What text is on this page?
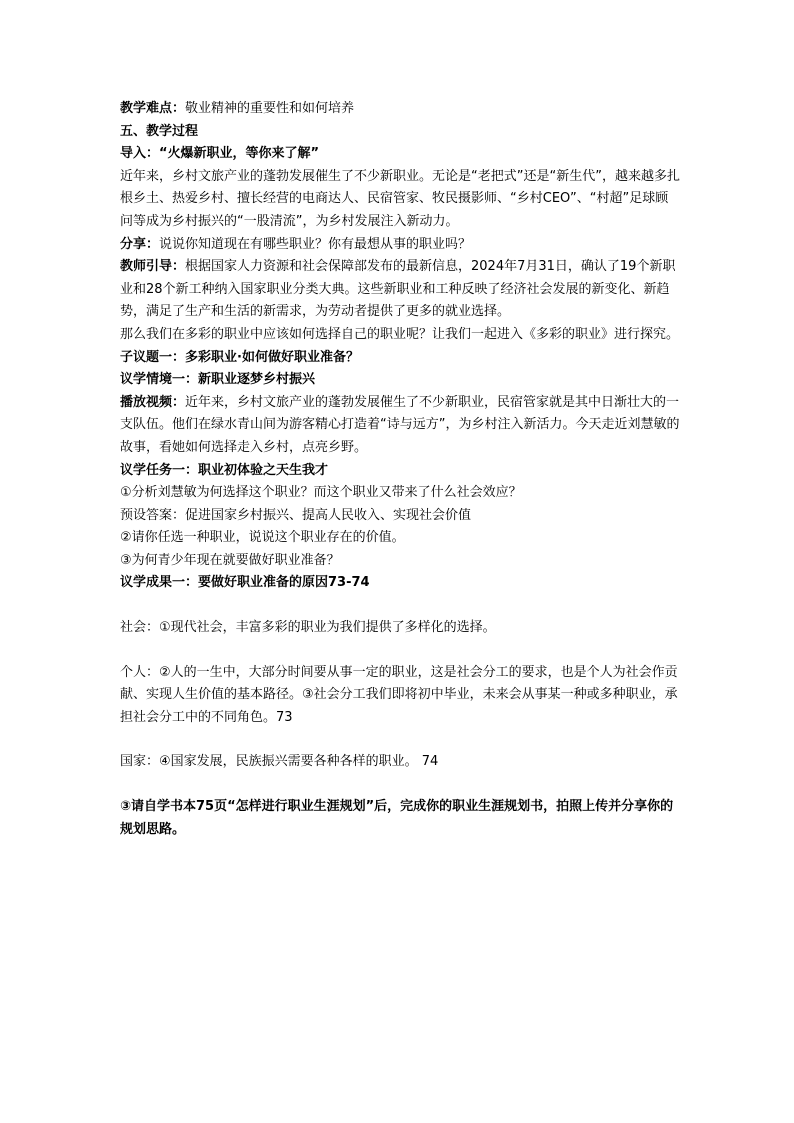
教学难点：敬业精神的重要性和如何培养

五、教学过程

导入：“火爆新职业，等你来了解”

近年来，乡村文旅产业的蓬勃发展催生了不少新职业。无论是“老把式”还是“新生代”，越来越多扎根乡土、热爱乡村、擅长经营的电商达人、民宿管家、牧民摄影师、“乡村CEO”、“村超”足球顾问等成为乡村振兴的“一股清流”，为乡村发展注入新动力。

分享：说说你知道现在有哪些职业？你有最想从事的职业吗？

教师引导：根据国家人力资源和社会保障部发布的最新信息，2024年7月31日，确认了19个新职业和28个新工种纳入国家职业分类大典。这些新职业和工种反映了经济社会发展的新变化、新趋势，满足了生产和生活的新需求，为劳动者提供了更多的就业选择。

那么我们在多彩的职业中应该如何选择自己的职业呢？让我们一起进入《多彩的职业》进行探究。

子议题一：多彩职业·如何做好职业准备？

议学情境一：新职业逐梦乡村振兴

播放视频：近年来，乡村文旅产业的蓬勃发展催生了不少新职业，民宿管家就是其中日渐壮大的一支队伍。他们在绿水青山间为游客精心打造着“诗与远方”，为乡村注入新活力。今天走近刘慧敏的故事，看她如何选择走入乡村，点亮乡野。

议学任务一：职业初体验之天生我才

①分析刘慧敏为何选择这个职业？而这个职业又带来了什么社会效应？

预设答案：促进国家乡村振兴、提高人民收入、实现社会价值

②请你任选一种职业，说说这个职业存在的价值。

③为何青少年现在就要做好职业准备？

议学成果一：要做好职业准备的原因73-74

社会：①现代社会，丰富多彩的职业为我们提供了多样化的选择。

个人：②人的一生中，大部分时间要从事一定的职业，这是社会分工的要求，也是个人为社会作贡献、实现人生价值的基本路径。③社会分工我们即将初中毕业，未来会从事某一种或多种职业，承担社会分工中的不同角色。73

国家：④国家发展，民族振兴需要各种各样的职业。 74

③请自学书本75页“怎样进行职业生涯规划”后，完成你的职业生涯规划书，拍照上传并分享你的规划思路。
